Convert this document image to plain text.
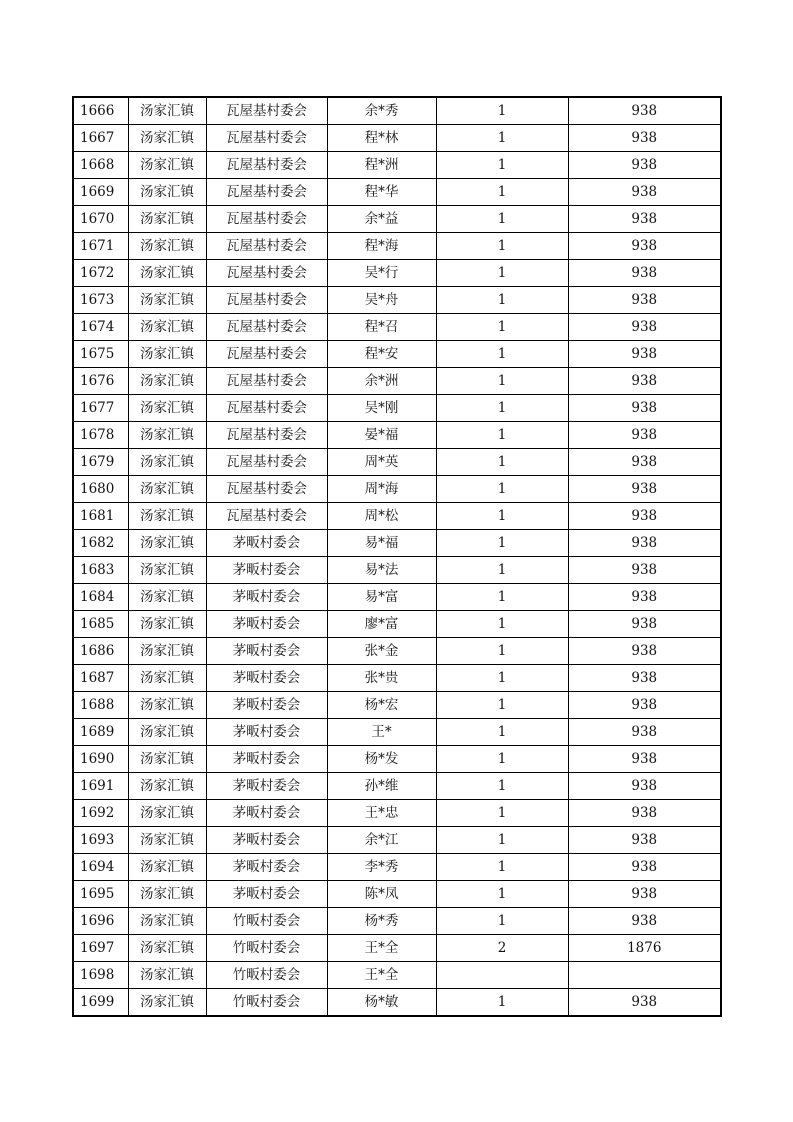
1666	汤家汇镇	瓦屋基村委会	余*秀	1	938
1667	汤家汇镇	瓦屋基村委会	程*林	1	938
1668	汤家汇镇	瓦屋基村委会	程*洲	1	938
1669	汤家汇镇	瓦屋基村委会	程*华	1	938
1670	汤家汇镇	瓦屋基村委会	余*益	1	938
1671	汤家汇镇	瓦屋基村委会	程*海	1	938
1672	汤家汇镇	瓦屋基村委会	吴*行	1	938
1673	汤家汇镇	瓦屋基村委会	吴*舟	1	938
1674	汤家汇镇	瓦屋基村委会	程*召	1	938
1675	汤家汇镇	瓦屋基村委会	程*安	1	938
1676	汤家汇镇	瓦屋基村委会	余*洲	1	938
1677	汤家汇镇	瓦屋基村委会	吴*刚	1	938
1678	汤家汇镇	瓦屋基村委会	晏*福	1	938
1679	汤家汇镇	瓦屋基村委会	周*英	1	938
1680	汤家汇镇	瓦屋基村委会	周*海	1	938
1681	汤家汇镇	瓦屋基村委会	周*松	1	938
1682	汤家汇镇	茅畈村委会	易*福	1	938
1683	汤家汇镇	茅畈村委会	易*法	1	938
1684	汤家汇镇	茅畈村委会	易*富	1	938
1685	汤家汇镇	茅畈村委会	廖*富	1	938
1686	汤家汇镇	茅畈村委会	张*金	1	938
1687	汤家汇镇	茅畈村委会	张*贵	1	938
1688	汤家汇镇	茅畈村委会	杨*宏	1	938
1689	汤家汇镇	茅畈村委会	王*	1	938
1690	汤家汇镇	茅畈村委会	杨*发	1	938
1691	汤家汇镇	茅畈村委会	孙*维	1	938
1692	汤家汇镇	茅畈村委会	王*忠	1	938
1693	汤家汇镇	茅畈村委会	余*江	1	938
1694	汤家汇镇	茅畈村委会	李*秀	1	938
1695	汤家汇镇	茅畈村委会	陈*凤	1	938
1696	汤家汇镇	竹畈村委会	杨*秀	1	938
1697	汤家汇镇	竹畈村委会	王*全	2	1876
1698	汤家汇镇	竹畈村委会	王*全		
1699	汤家汇镇	竹畈村委会	杨*敏	1	938
